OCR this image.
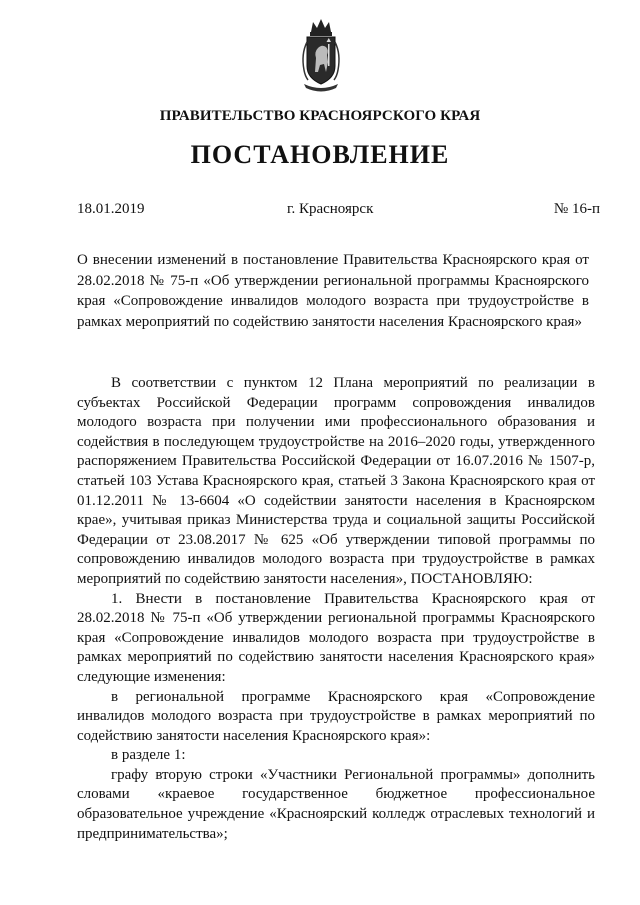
ПРАВИТЕЛЬСТВО КРАСНОЯРСКОГО КРАЯ
ПОСТАНОВЛЕНИЕ
18.01.2019	г. Красноярск	№ 16-п
О внесении изменений в постановление Правительства Красноярского края от 28.02.2018 № 75-п «Об утверждении региональной программы Красноярского края «Сопровождение инвалидов молодого возраста при трудоустройстве в рамках мероприятий по содействию занятости населения Красноярского края»

В соответствии с пунктом 12 Плана мероприятий по реализации в субъектах Российской Федерации программ сопровождения инвалидов молодого возраста при получении ими профессионального образования и содействия в последующем трудоустройстве на 2016–2020 годы, утвержденного распоряжением Правительства Российской Федерации от 16.07.2016 № 1507-р, статьей 103 Устава Красноярского края, статьей 3 Закона Красноярского края от 01.12.2011 № 13-6604 «О содействии занятости населения в Красноярском крае», учитывая приказ Министерства труда и социальной защиты Российской Федерации от 23.08.2017 № 625 «Об утверждении типовой программы по сопровождению инвалидов молодого возраста при трудоустройстве в рамках мероприятий по содействию занятости населения», ПОСТАНОВЛЯЮ:

1. Внести в постановление Правительства Красноярского края от 28.02.2018 № 75-п «Об утверждении региональной программы Красноярского края «Сопровождение инвалидов молодого возраста при трудоустройстве в рамках мероприятий по содействию занятости населения Красноярского края» следующие изменения:

в региональной программе Красноярского края «Сопровождение инвалидов молодого возраста при трудоустройстве в рамках мероприятий по содействию занятости населения Красноярского края»:

в разделе 1:

графу вторую строки «Участники Региональной программы» дополнить словами «краевое государственное бюджетное профессиональное образовательное учреждение «Красноярский колледж отраслевых технологий и предпринимательства»;
